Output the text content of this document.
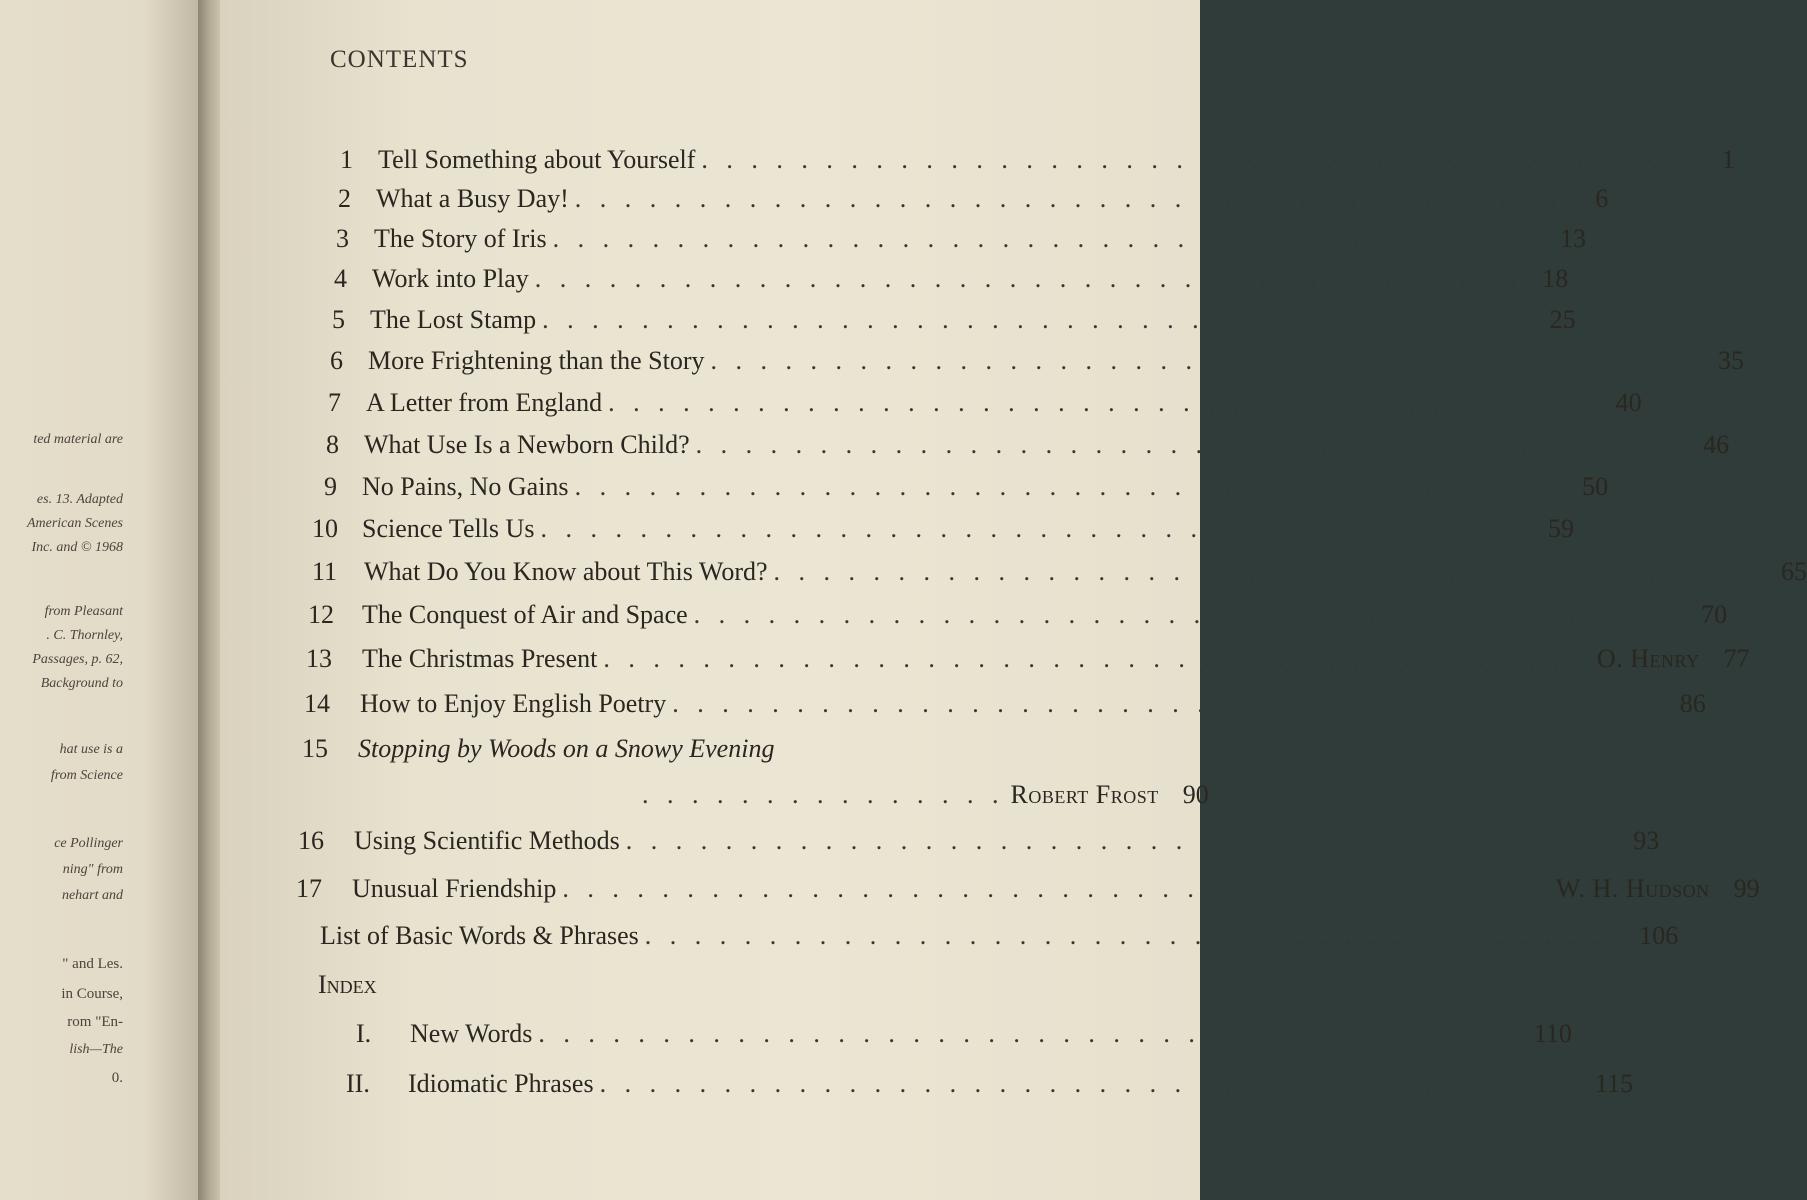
ted material are
es. 13. Adapted
American Scenes
Inc. and © 1968
from Pleasant
. C. Thornley,
Passages, p. 62,
Background to
hat use is a
from Science
ce Pollinger
ning" from
nehart and
" and Les.
in Course,
rom "En-
lish—The
0.
CONTENTS
1 Tell Something about Yourself . . . . . . . . . . . . . . . . . . . . . . . . . . . . . . . . . . . . . . . .	1
2 What a Busy Day! . . . . . . . . . . . . . . . . . . . . . . . . . . . . . . . . . . . . . . . .	6
3 The Story of Iris . . . . . . . . . . . . . . . . . . . . . . . . . . . . . . . . . . . . . . . . 13
4 Work into Play . . . . . . . . . . . . . . . . . . . . . . . . . . . . . . . . . . . . . . . . 18
5 The Lost Stamp . . . . . . . . . . . . . . . . . . . . . . . . . . . . . . . . . . . . . . . . 25
6 More Frightening than the Story . . . . . . . . . . . . . . . . . . . . . . . . . . . . . . . . . . . . . . . . 35
7 A Letter from England . . . . . . . . . . . . . . . . . . . . . . . . . . . . . . . . . . . . . . . . 40
8 What Use Is a Newborn Child? . . . . . . . . . . . . . . . . . . . . . . . . . . . . . . . . . . . . . . . . 46
9 No Pains, No Gains . . . . . . . . . . . . . . . . . . . . . . . . . . . . . . . . . . . . . . . . 50
10 Science Tells Us . . . . . . . . . . . . . . . . . . . . . . . . . . . . . . . . . . . . . . . . 59
11	What Do You Know about This Word? . . . . . . . . . . . . . . . . . . . . . . . . . . . . . . . . . . . . . . . . 65
12	The Conquest of Air and Space . . . . . . . . . . . . . . . . . . . . . . . . . . . . . . . . . . . . . . . . 70
13	The Christmas Present . . . . . . . . . . . . . . . . . . . . . . . . . . . . . . . . . . . . . . . . O. Henry 77
14	How to Enjoy English Poetry . . . . . . . . . . . . . . . . . . . . . . . . . . . . . . . . . . . . . . . . 86
15	Stopping by Woods on a Snowy Evening
. . . . . . . . . . . . . . . Robert Frost 90
16	Using Scientific Methods . . . . . . . . . . . . . . . . . . . . . . . . . . . . . . . . . . . . . . . . 93
17	Unusual Friendship . . . . . . . . . . . . . . . . . . . . . . . . . . . . . . . . . . . . . . . . W. H. Hudson 99
List of Basic Words & Phrases . . . . . . . . . . . . . . . . . . . . . . . . . . . . . . . . . . . . . . . . 106
Index
I.	New Words . . . . . . . . . . . . . . . . . . . . . . . . . . . . . . . . . . . . . . . . 110
II.	Idiomatic Phrases . . . . . . . . . . . . . . . . . . . . . . . . . . . . . . . . . . . . . . . . 115
